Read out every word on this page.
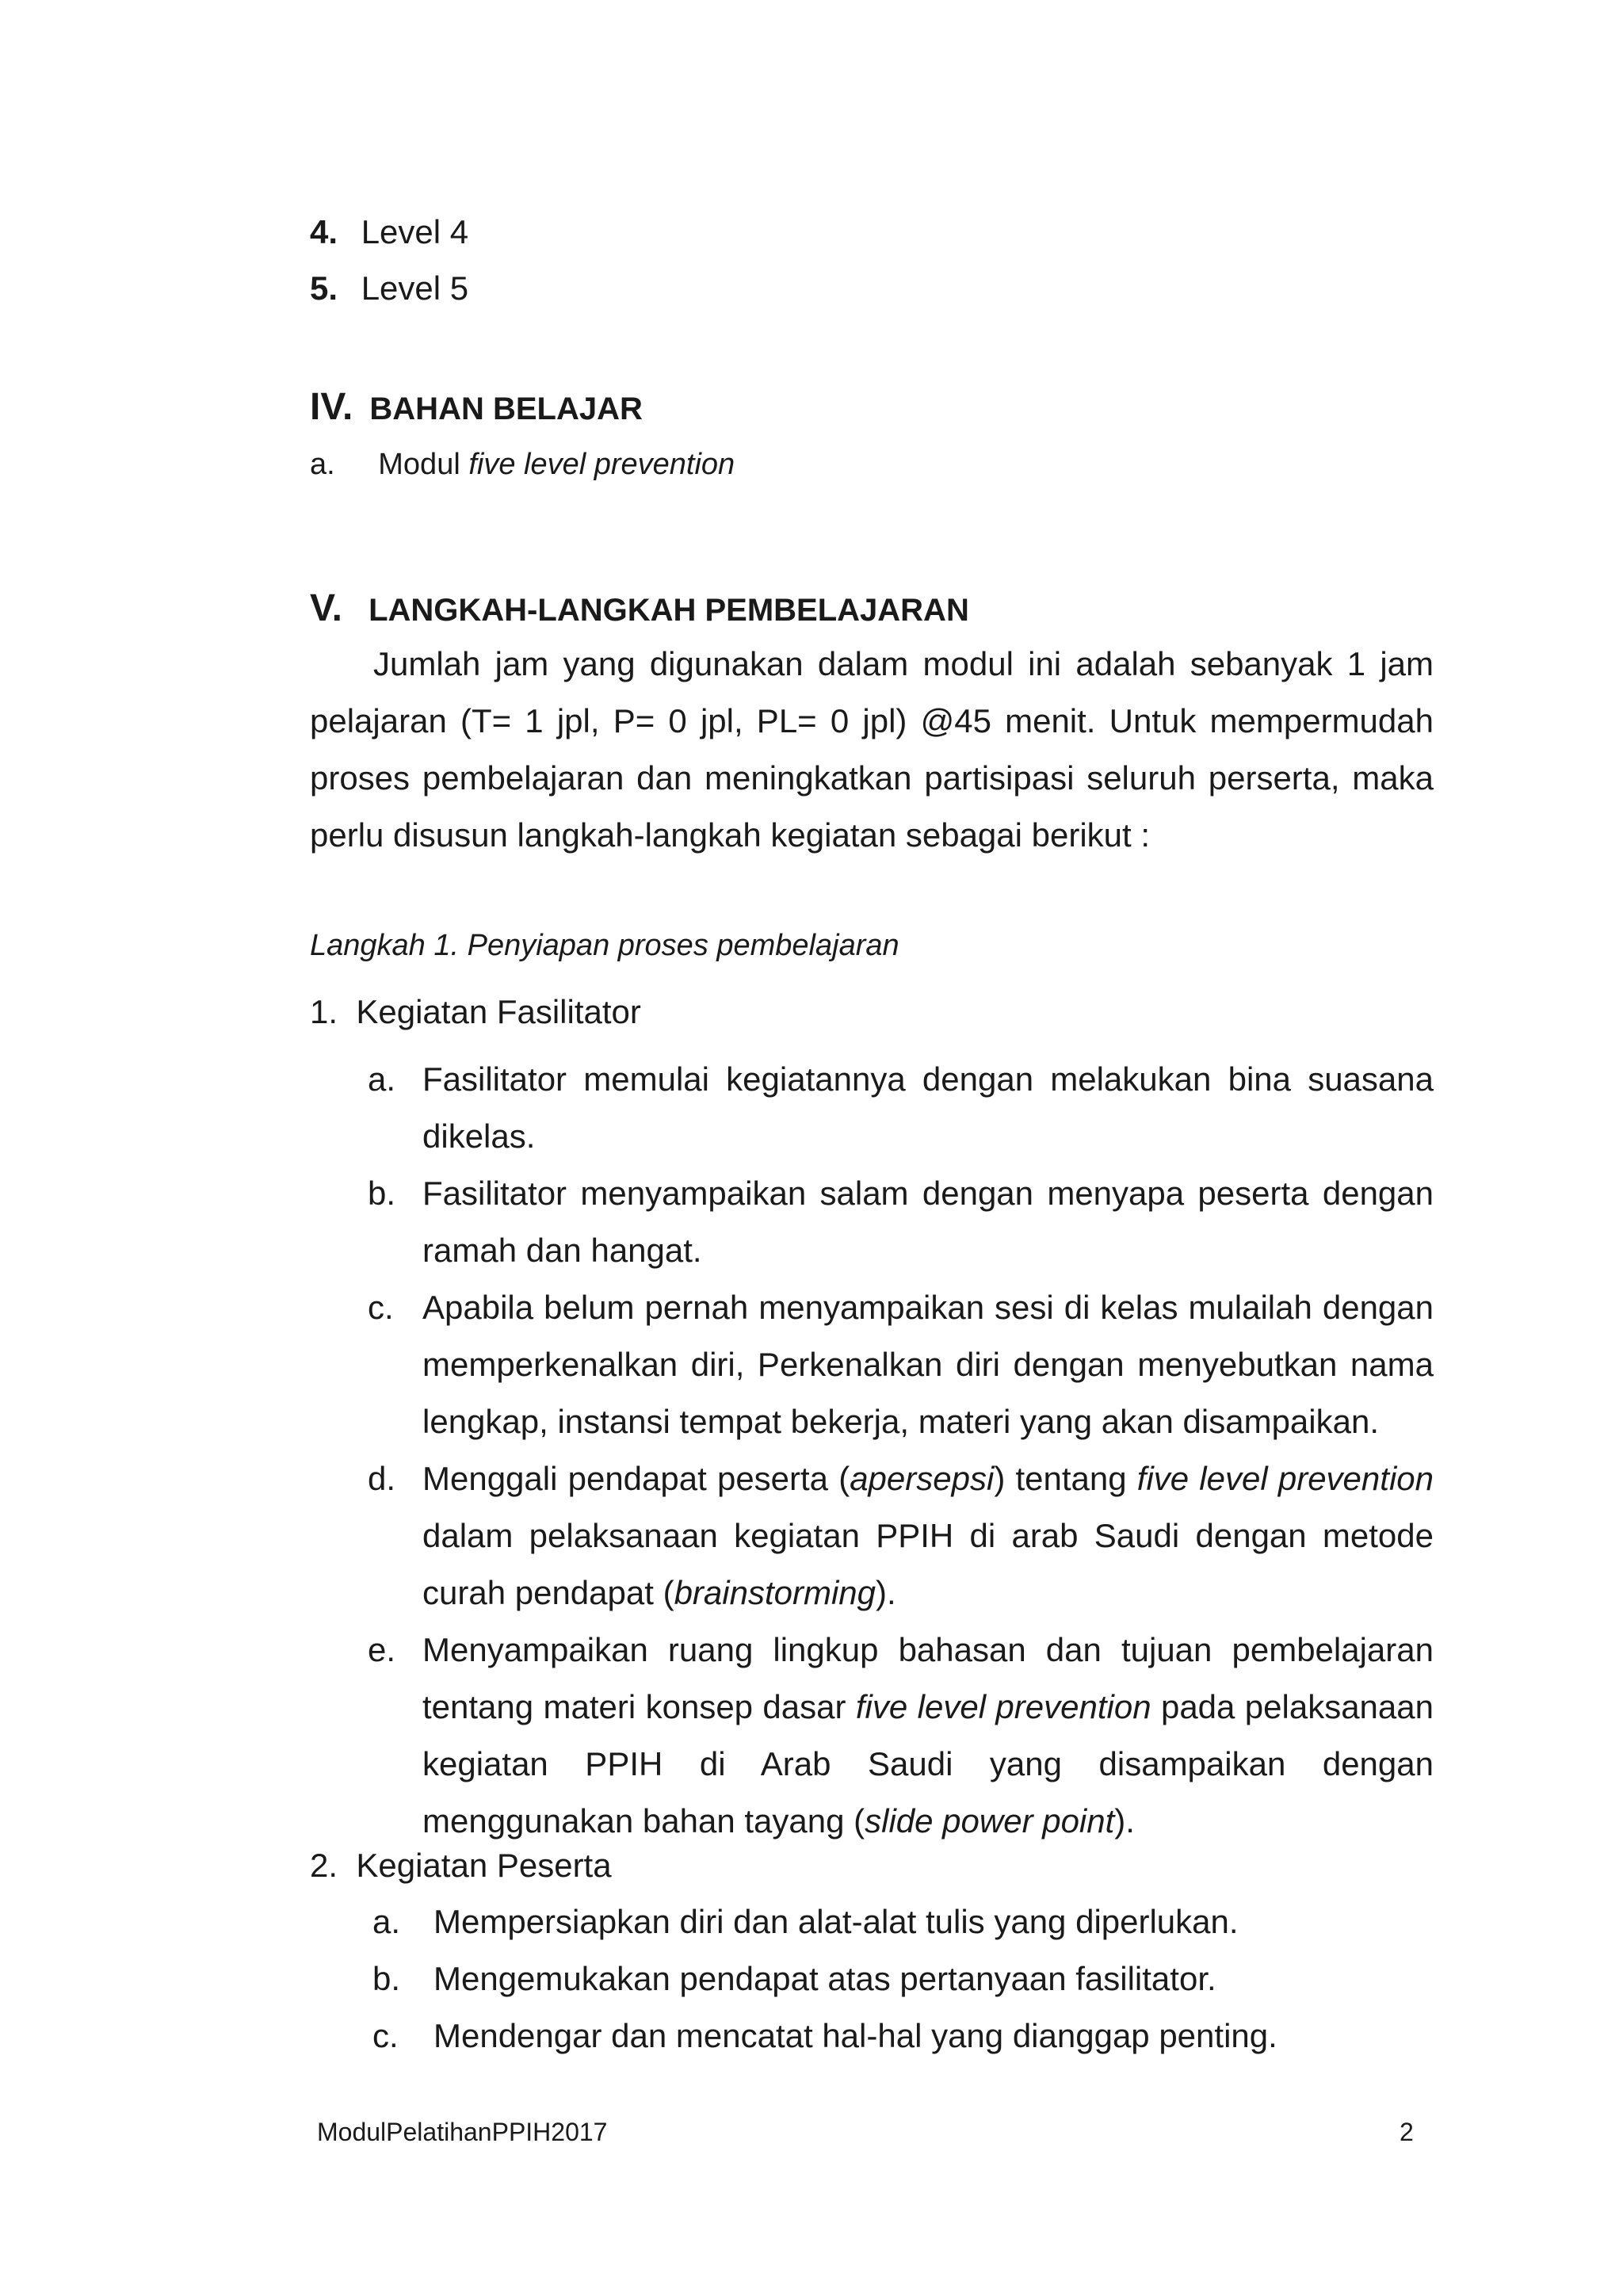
4. Level 4
5. Level 5
IV. BAHAN BELAJAR
a. Modul five level prevention
V. LANGKAH-LANGKAH PEMBELAJARAN
Jumlah jam yang digunakan dalam modul ini adalah sebanyak 1 jam pelajaran (T= 1 jpl, P= 0 jpl, PL= 0 jpl) @45 menit. Untuk mempermudah proses pembelajaran dan meningkatkan partisipasi seluruh perserta, maka perlu disusun langkah-langkah kegiatan sebagai berikut :
Langkah 1. Penyiapan proses pembelajaran
1.  Kegiatan Fasilitator
a. Fasilitator memulai kegiatannya dengan melakukan bina suasana dikelas.
b. Fasilitator menyampaikan salam dengan menyapa peserta dengan ramah dan hangat.
c. Apabila belum pernah menyampaikan sesi di kelas mulailah dengan memperkenalkan diri, Perkenalkan diri dengan menyebutkan nama lengkap, instansi tempat bekerja, materi yang akan disampaikan.
d. Menggali pendapat peserta (apersepsi) tentang five level prevention dalam pelaksanaan kegiatan PPIH di arab Saudi dengan metode curah pendapat (brainstorming).
e. Menyampaikan ruang lingkup bahasan dan tujuan pembelajaran tentang materi konsep dasar five level prevention pada pelaksanaan kegiatan PPIH di Arab Saudi yang disampaikan dengan menggunakan bahan tayang (slide power point).
2.  Kegiatan Peserta
a. Mempersiapkan diri dan alat-alat tulis yang diperlukan.
b. Mengemukakan pendapat atas pertanyaan fasilitator.
c. Mendengar dan mencatat hal-hal yang dianggap penting.
ModulPelatihanPPIH2017	2
